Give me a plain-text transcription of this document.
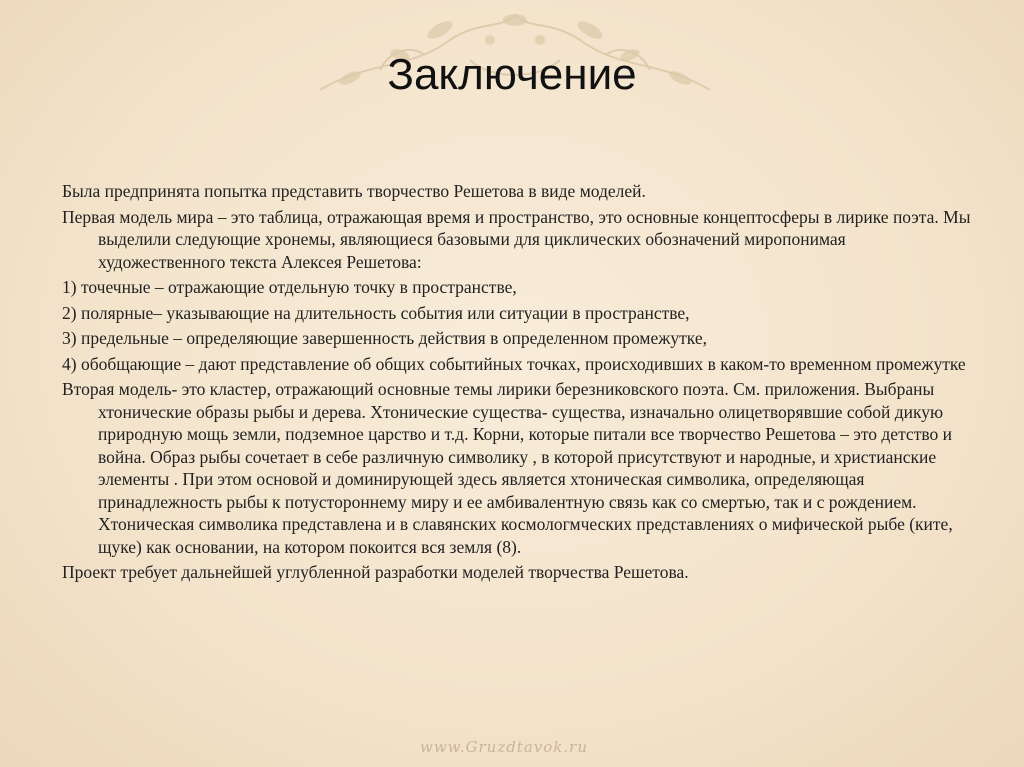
Заключение

Была предпринята попытка представить творчество Решетова в виде моделей.

Первая модель мира – это таблица, отражающая время и пространство, это основные концептосферы в лирике поэта. Мы выделили следующие хронемы, являющиеся базовыми для циклических обозначений миропонимая художественного текста Алексея Решетова:

1) точечные – отражающие отдельную точку в пространстве,

2) полярные– указывающие на длительность события или ситуации в пространстве,

3) предельные – определяющие завершенность действия в определенном промежутке,

4) обобщающие – дают представление об общих событийных точках, происходивших в каком-то временном промежутке

Вторая модель- это кластер, отражающий основные темы лирики березниковского поэта. См. приложения. Выбраны хтонические образы рыбы и дерева. Хтонические существа- существа, изначально олицетворявшие собой дикую природную мощь земли, подземное царство и т.д. Корни, которые питали все творчество Решетова – это детство и война. Образ рыбы сочетает в себе различную символику , в которой присутствуют и народные, и христианские элементы . При этом основой и доминирующей здесь является хтоническая символика, определяющая принадлежность рыбы к потустороннему миру и ее амбивалентную связь как со смертью, так и с рождением. Хтоническая символика представлена и в славянских космологмческих представлениях о мифической рыбе (ките, щуке) как основании, на котором покоится вся земля (8).

Проект требует дальнейшей углубленной разработки моделей творчества Решетова.

www.Gruzdtavok.ru
